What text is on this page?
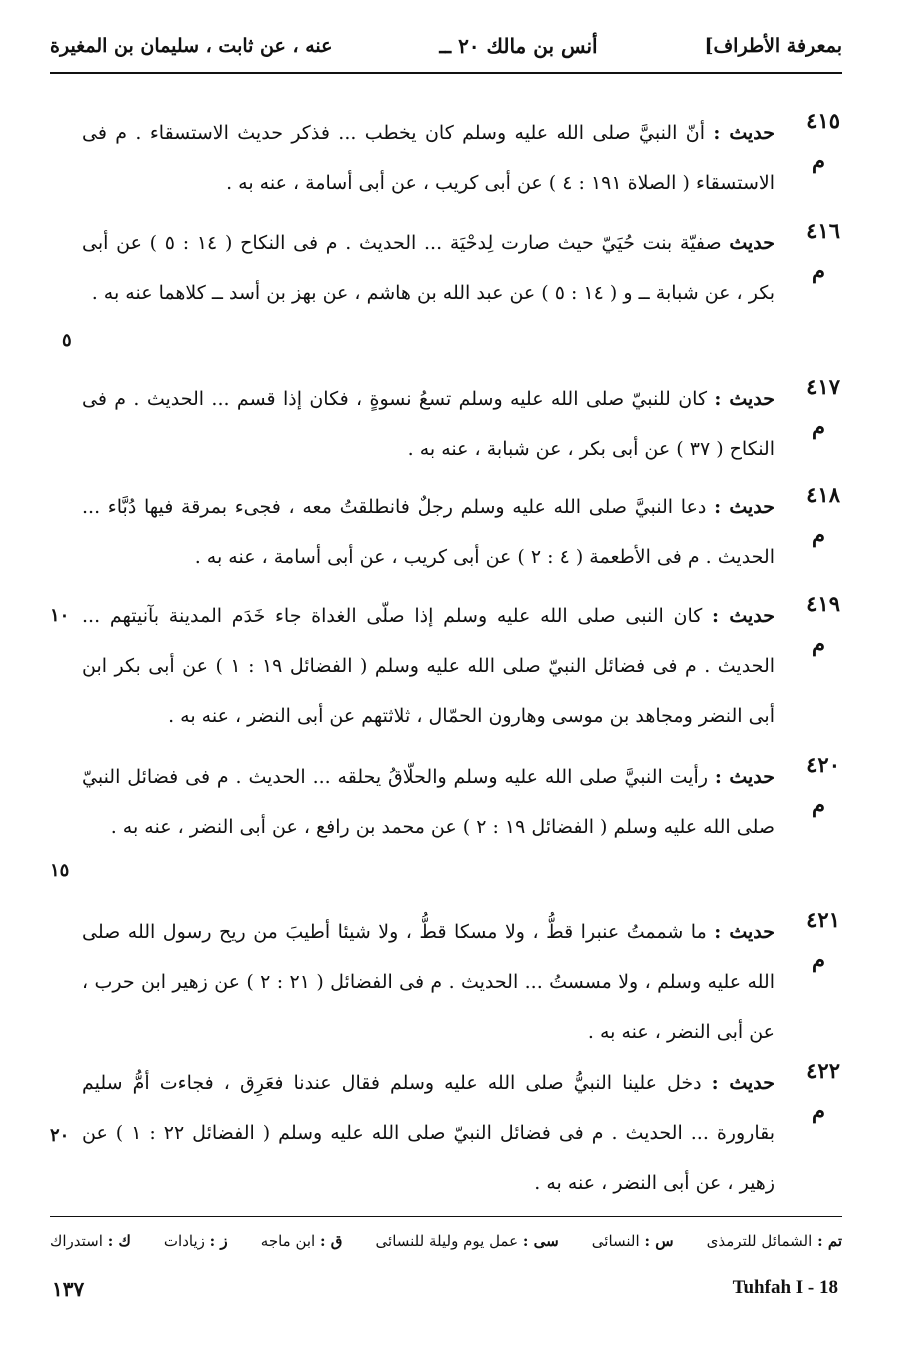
بمعرفة الأطراف]
أنس بن مالك ٢٠ ــ
عنه ، عن ثابت ، سليمان بن المغيرة
٤١٥
م
حديث : أنّ النبيَّ صلى الله عليه وسلم كان يخطب ... فذكر حديث الاستسقاء . م فى الاستسقاء ( الصلاة ١٩١ : ٤ ) عن أبى كريب ، عن أبى أسامة ، عنه به .
٤١٦
م
حديث صفيّة بنت حُيَيّ حيث صارت لِدحْيَة ... الحديث . م فى النكاح ( ١٤ : ٥ ) عن أبى بكر ، عن شبابة ــ و ( ١٤ : ٥ ) عن عبد الله بن هاشم ، عن بهز بن أسد ــ كلاهما عنه به .
٤١٧
م
حديث : كان للنبيّ صلى الله عليه وسلم تسعُ نسوةٍ ، فكان إذا قسم ... الحديث . م فى النكاح ( ٣٧ ) عن أبى بكر ، عن شبابة ، عنه به .
٤١٨
م
حديث : دعا النبيَّ صلى الله عليه وسلم رجلٌ فانطلقتُ معه ، فجىء بمرقة فيها دُبَّاء ... الحديث . م فى الأطعمة ( ٤ : ٢ ) عن أبى كريب ، عن أبى أسامة ، عنه به .
٤١٩
م
حديث : كان النبى صلى الله عليه وسلم إذا صلّى الغداة جاء خَدَم المدينة بآنيتهم ... الحديث . م فى فضائل النبيّ صلى الله عليه وسلم ( الفضائل ١٩ : ١ ) عن أبى بكر ابن أبى النضر ومجاهد بن موسى وهارون الحمّال ، ثلاثتهم عن أبى النضر ، عنه به .
٤٢٠
م
حديث : رأيت النبيَّ صلى الله عليه وسلم والحلّاقُ يحلقه ... الحديث . م فى فضائل النبيّ صلى الله عليه وسلم ( الفضائل ١٩ : ٢ ) عن محمد بن رافع ، عن أبى النضر ، عنه به .
٤٢١
م
حديث : ما شممتُ عنبرا قطُّ ، ولا مسكا قطُّ ، ولا شيئا أطيبَ من ريح رسول الله صلى الله عليه وسلم ، ولا مسستُ ... الحديث . م فى الفضائل ( ٢١ : ٢ ) عن زهير ابن حرب ، عن أبى النضر ، عنه به .
٤٢٢
م
حديث : دخل علينا النبيُّ صلى الله عليه وسلم فقال عندنا فعَرِق ، فجاءت أمُّ سليم بقارورة ... الحديث . م فى فضائل النبيّ صلى الله عليه وسلم ( الفضائل ٢٢ : ١ ) عن زهير ، عن أبى النضر ، عنه به .
٥
١٠
١٥
٢٠
تم : الشمائل للترمذى
س : النسائى
سى : عمل يوم وليلة للنسائى
ق : ابن ماجه
ز : زيادات
ك : استدراك
١٣٧	Tuhfah I - 18
